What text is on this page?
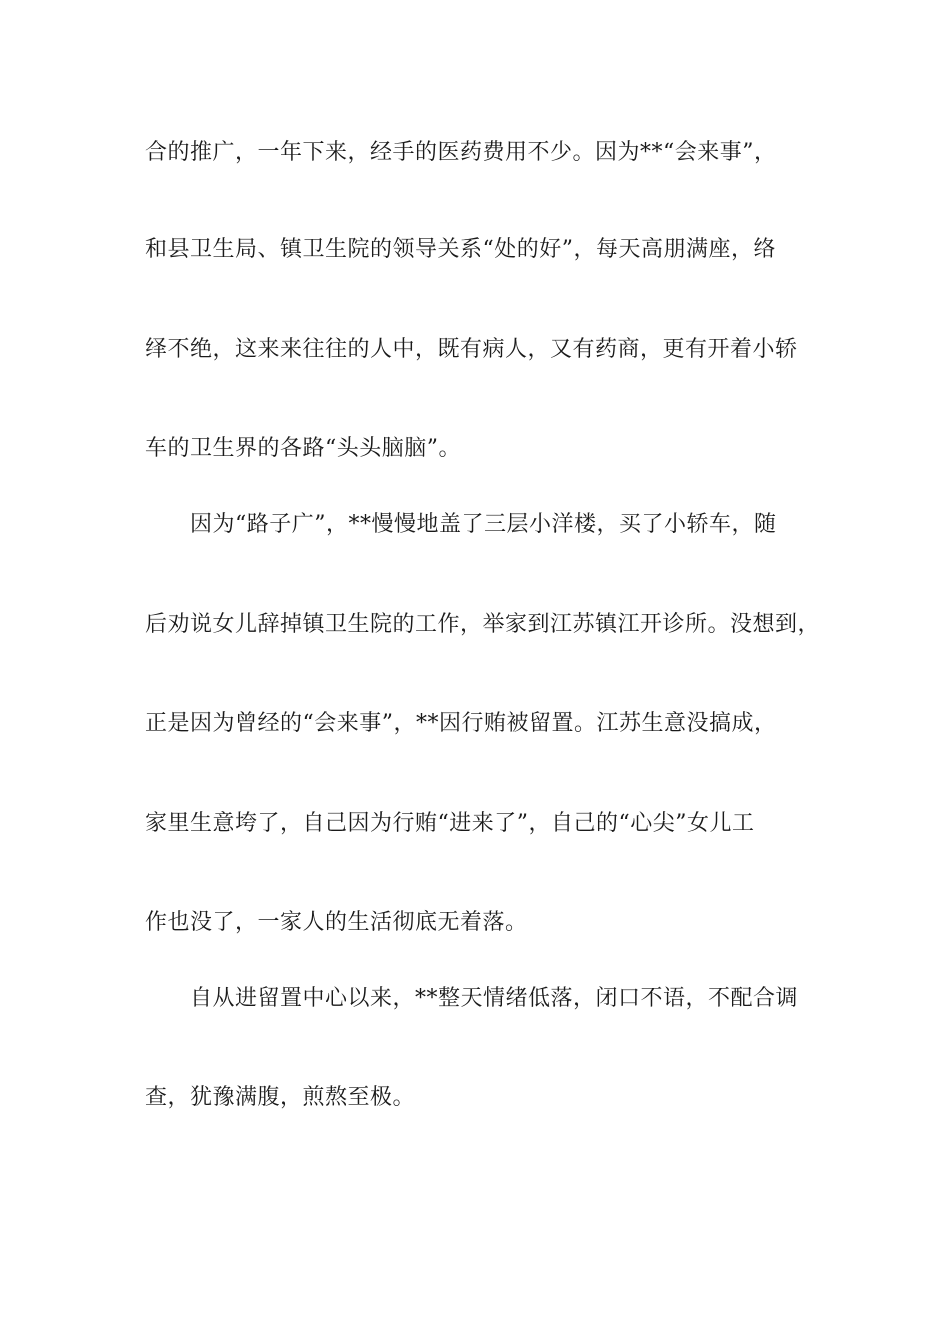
合的推广，一年下来，经手的医药费用不少。因为**“会来事”，
和县卫生局、镇卫生院的领导关系“处的好”，每天高朋满座，络
绎不绝，这来来往往的人中，既有病人，又有药商，更有开着小轿
车的卫生界的各路“头头脑脑”。
因为“路子广”，**慢慢地盖了三层小洋楼，买了小轿车，随
后劝说女儿辞掉镇卫生院的工作，举家到江苏镇江开诊所。没想到，
正是因为曾经的“会来事”，**因行贿被留置。江苏生意没搞成，
家里生意垮了，自己因为行贿“进来了”，自己的“心尖”女儿工
作也没了，一家人的生活彻底无着落。
自从进留置中心以来，**整天情绪低落，闭口不语，不配合调
查，犹豫满腹，煎熬至极。
